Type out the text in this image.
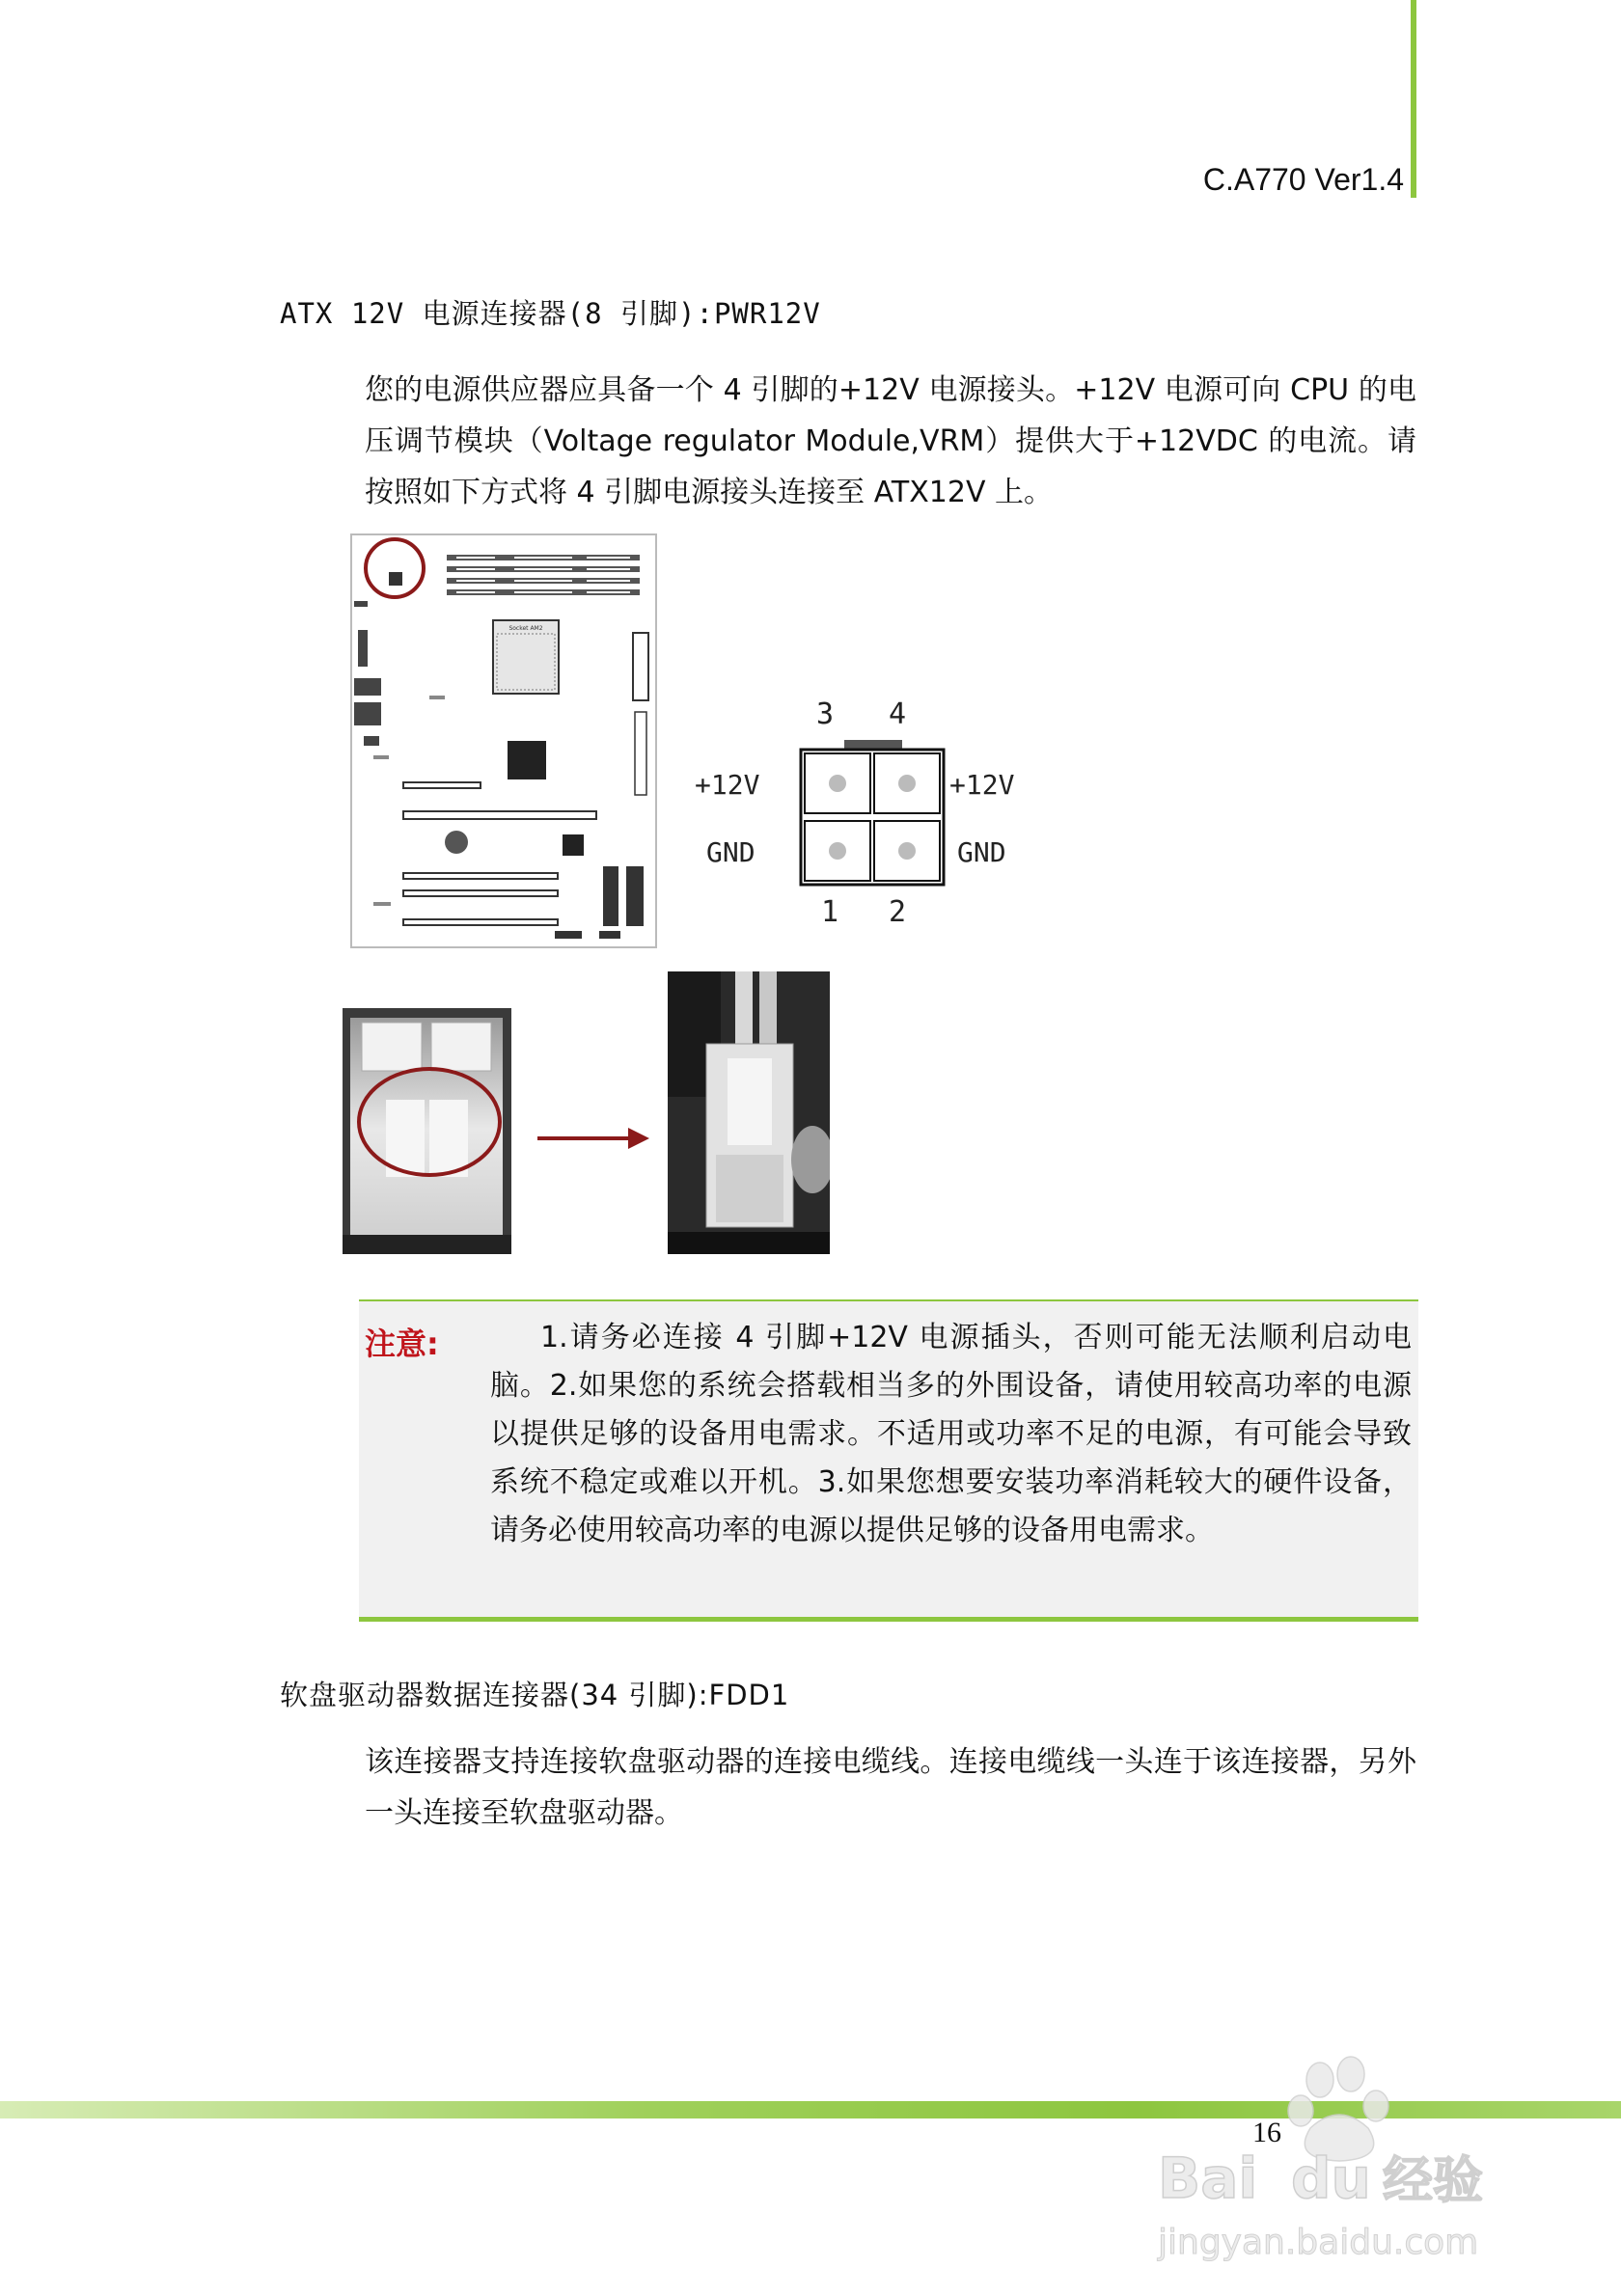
C.A770 Ver1.4
ATX 12V 电源连接器(8 引脚):PWR12V
您的电源供应器应具备一个 4 引脚的+12V 电源接头。+12V 电源可向 CPU 的电压调节模块（Voltage regulator Module,VRM）提供大于+12VDC 的电流。请按照如下方式将 4 引脚电源接头连接至 ATX12V 上。
Socket AM2
3 4
1 2
+12V
GND
+12V
GND
注意:	1.请务必连接 4 引脚+12V 电源插头，否则可能无法顺利启动电脑。2.如果您的系统会搭载相当多的外围设备，请使用较高功率的电源以提供足够的设备用电需求。不适用或功率不足的电源，有可能会导致系统不稳定或难以开机。3.如果您想要安装功率消耗较大的硬件设备，请务必使用较高功率的电源以提供足够的设备用电需求。
软盘驱动器数据连接器(34 引脚):FDD1
该连接器支持连接软盘驱动器的连接电缆线。连接电缆线一头连于该连接器，另外一头连接至软盘驱动器。
16
Bai du 经验
jingyan.baidu.com
